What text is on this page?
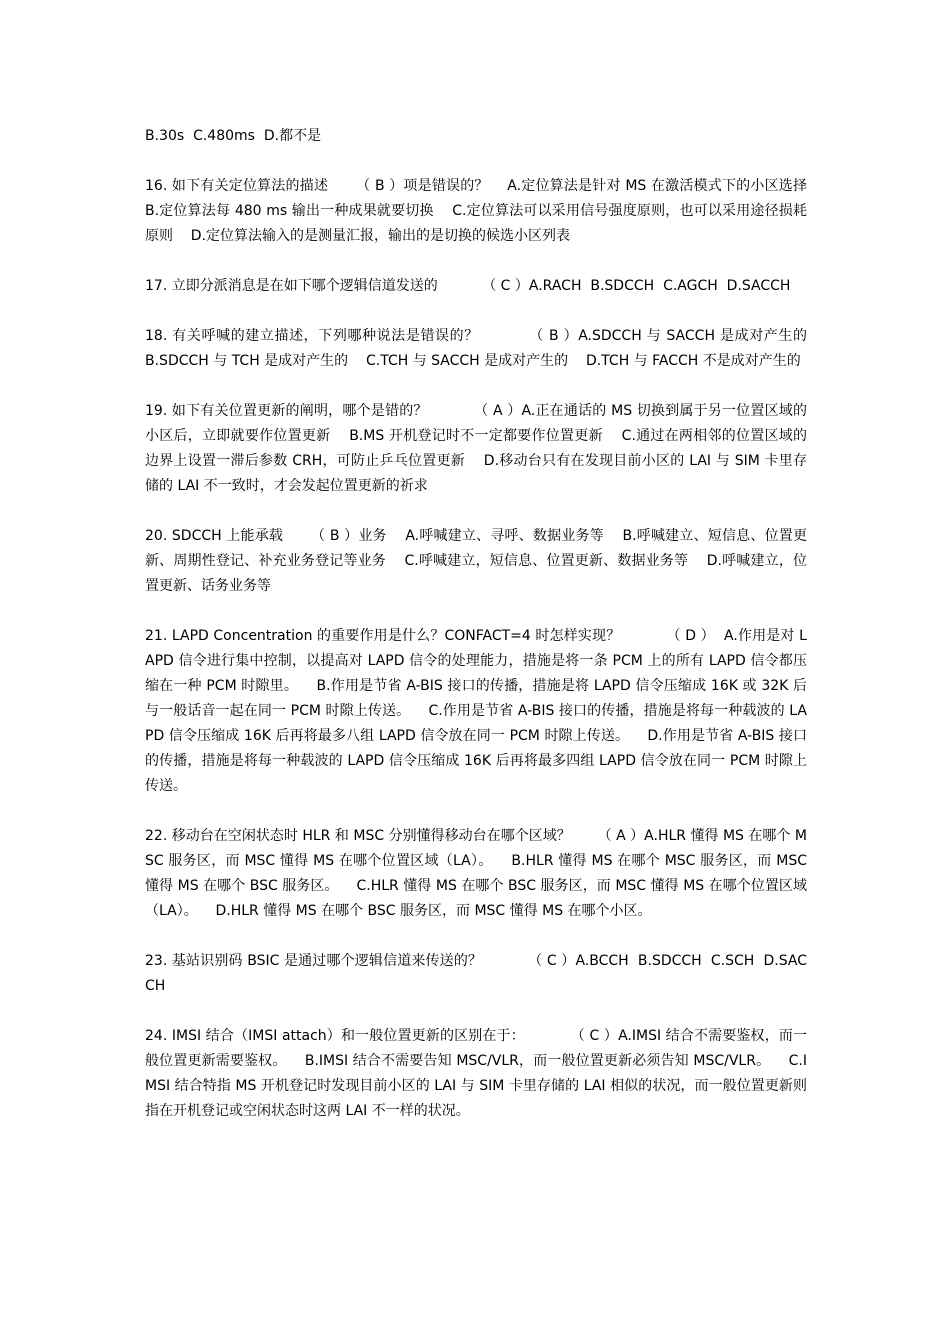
B.30s  C.480ms  D.都不是

16. 如下有关定位算法的描述      （ B ）项是错误的？    A.定位算法是针对 MS 在激活模式下的小区选择    B.定位算法每 480 ms 输出一种成果就要切换    C.定位算法可以采用信号强度原则，也可以采用途径损耗原则    D.定位算法输入的是测量汇报，输出的是切换的候选小区列表

17. 立即分派消息是在如下哪个逻辑信道发送的          （ C ）A.RACH  B.SDCCH  C.AGCH  D.SACCH

18. 有关呼喊的建立描述，下列哪种说法是错误的？          （ B ）A.SDCCH 与 SACCH 是成对产生的    B.SDCCH 与 TCH 是成对产生的    C.TCH 与 SACCH 是成对产生的    D.TCH 与 FACCH 不是成对产生的

19. 如下有关位置更新的阐明，哪个是错的？          （ A ）A.正在通话的 MS 切换到属于另一位置区域的小区后，立即就要作位置更新    B.MS 开机登记时不一定都要作位置更新    C.通过在两相邻的位置区域的边界上设置一滞后参数 CRH，可防止乒乓位置更新    D.移动台只有在发现目前小区的 LAI 与 SIM 卡里存储的 LAI 不一致时，才会发起位置更新的祈求

20. SDCCH 上能承载      （ B ）业务    A.呼喊建立、寻呼、数据业务等    B.呼喊建立、短信息、位置更新、周期性登记、补充业务登记等业务    C.呼喊建立，短信息、位置更新、数据业务等    D.呼喊建立，位置更新、话务业务等

21. LAPD Concentration 的重要作用是什么？CONFACT=4 时怎样实现？          （ D ）  A.作用是对 LAPD 信令进行集中控制，以提高对 LAPD 信令的处理能力，措施是将一条 PCM 上的所有 LAPD 信令都压缩在一种 PCM 时隙里。    B.作用是节省 A-BIS 接口的传播，措施是将 LAPD 信令压缩成 16K 或 32K 后与一般话音一起在同一 PCM 时隙上传送。    C.作用是节省 A-BIS 接口的传播，措施是将每一种载波的 LAPD 信令压缩成 16K 后再将最多八组 LAPD 信令放在同一 PCM 时隙上传送。    D.作用是节省 A-BIS 接口的传播，措施是将每一种载波的 LAPD 信令压缩成 16K 后再将最多四组 LAPD 信令放在同一 PCM 时隙上传送。

22. 移动台在空闲状态时 HLR 和 MSC 分别懂得移动台在哪个区域？      （ A ）A.HLR 懂得 MS 在哪个 MSC 服务区，而 MSC 懂得 MS 在哪个位置区域（LA）。    B.HLR 懂得 MS 在哪个 MSC 服务区，而 MSC 懂得 MS 在哪个 BSC 服务区。    C.HLR 懂得 MS 在哪个 BSC 服务区，而 MSC 懂得 MS 在哪个位置区域（LA）。    D.HLR 懂得 MS 在哪个 BSC 服务区，而 MSC 懂得 MS 在哪个小区。

23. 基站识别码 BSIC 是通过哪个逻辑信道来传送的？          （ C ）A.BCCH  B.SDCCH  C.SCH  D.SACCH

24. IMSI 结合（IMSI attach）和一般位置更新的区别在于：          （ C ）A.IMSI 结合不需要鉴权，而一般位置更新需要鉴权。    B.IMSI 结合不需要告知 MSC/VLR，而一般位置更新必须告知 MSC/VLR。    C.IMSI 结合特指 MS 开机登记时发现目前小区的 LAI 与 SIM 卡里存储的 LAI 相似的状况，而一般位置更新则指在开机登记或空闲状态时这两 LAI 不一样的状况。
